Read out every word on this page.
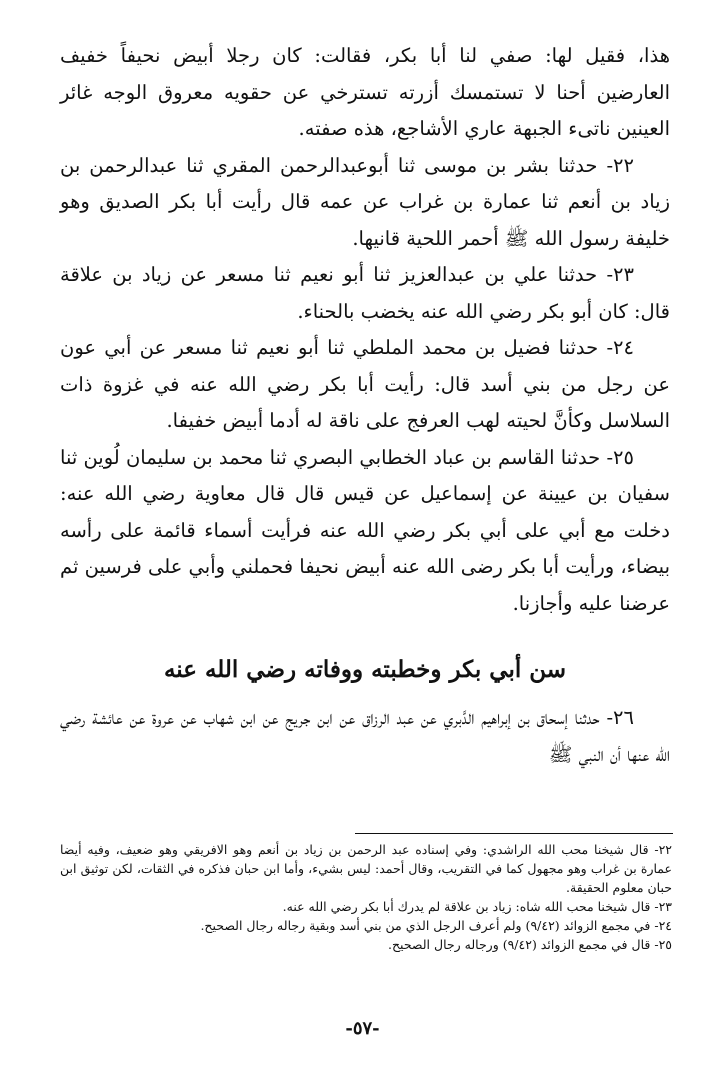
هذا، فقيل لها: صفي لنا أبا بكر، فقالت: كان رجلا أبيض نحيفاً خفيف العارضين أحنا لا تستمسك أزرته تسترخي عن حقويه معروق الوجه غائر العينين ناتىء الجبهة عاري الأشاجع، هذه صفته.

٢٢- حدثنا بشر بن موسى ثنا أبوعبدالرحمن المقري ثنا عبدالرحمن بن زياد بن أنعم ثنا عمارة بن غراب عن عمه قال رأيت أبا بكر الصديق وهو خليفة رسول الله ﷺ أحمر اللحية قانيها.

٢٣- حدثنا علي بن عبدالعزيز ثنا أبو نعيم ثنا مسعر عن زياد بن علاقة قال: كان أبو بكر رضي الله عنه يخضب بالحناء.

٢٤- حدثنا فضيل بن محمد الملطي ثنا أبو نعيم ثنا مسعر عن أبي عون عن رجل من بني أسد قال: رأيت أبا بكر رضي الله عنه في غزوة ذات السلاسل وكأنَّ لحيته لهب العرفج على ناقة له أدما أبيض خفيفا.

٢٥- حدثنا القاسم بن عباد الخطابي البصري ثنا محمد بن سليمان لُوين ثنا سفيان بن عيينة عن إسماعيل عن قيس قال قال معاوية رضي الله عنه: دخلت مع أبي على أبي بكر رضي الله عنه فرأيت أسماء قائمة على رأسه بيضاء، ورأيت أبا بكر رضى الله عنه أبيض نحيفا فحملني وأبي على فرسين ثم عرضنا عليه وأجازنا.

سن أبي بكر وخطبته ووفاته رضي الله عنه

٢٦- حدثنا إسحاق بن إبراهيم الدَّبري عن عبد الرزاق عن ابن جريج عن ابن شهاب عن عروة عن عائشة رضي الله عنها أن النبي ﷺ

٢٢- قال شيخنا محب الله الراشدي: وفي إسناده عبد الرحمن بن زياد بن أنعم وهو الافريقي وهو ضعيف، وفيه أيضا عمارة بن غراب وهو مجهول كما في التقريب، وقال أحمد: ليس بشيء، وأما ابن حبان فذكره في الثقات، لكن توثيق ابن حبان معلوم الحقيقة.

٢٣- قال شيخنا محب الله شاه: زياد بن علاقة لم يدرك أبا بكر رضي الله عنه.

٢٤- في مجمع الزوائد (٩/٤٢) ولم أعرف الرجل الذي من بني أسد وبقية رجاله رجال الصحيح.

٢٥- قال في مجمع الزوائد (٩/٤٢) ورجاله رجال الصحيح.

-٥٧-
